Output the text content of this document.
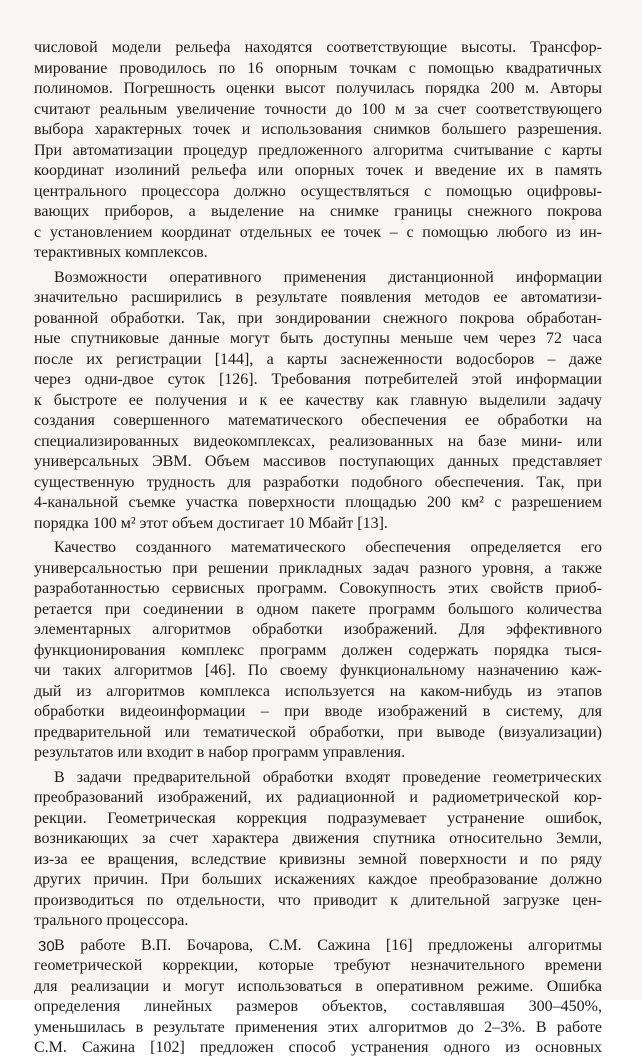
числовой модели рельефа находятся соответствующие высоты. Трансфор-
мирование проводилось по 16 опорным точкам с помощью квадратичных
полиномов. Погрешность оценки высот получилась порядка 200 м. Авторы
считают реальным увеличение точности до 100 м за счет соответствующего
выбора характерных точек и использования снимков большего разрешения.
При автоматизации процедур предложенного алгоритма считывание с карты
координат изолиний рельефа или опорных точек и введение их в память
центрального процессора должно осуществляться с помощью оцифровы-
вающих приборов, а выделение на снимке границы снежного покрова
с установлением координат отдельных ее точек – с помощью любого из ин-
терактивных комплексов.
Возможности оперативного применения дистанционной информации
значительно расширились в результате появления методов ее автоматизи-
рованной обработки. Так, при зондировании снежного покрова обработан-
ные спутниковые данные могут быть доступны меньше чем через 72 часа
после их регистрации [144], а карты заснеженности водосборов – даже
через одни-двое суток [126]. Требования потребителей этой информации
к быстроте ее получения и к ее качеству как главную выделили задачу
создания совершенного математического обеспечения ее обработки на
специализированных видеокомплексах, реализованных на базе мини- или
универсальных ЭВМ. Объем массивов поступающих данных представляет
существенную трудность для разработки подобного обеспечения. Так, при
4-канальной съемке участка поверхности площадью 200 км² с разрешением
порядка 100 м² этот объем достигает 10 Мбайт [13].
Качество созданного математического обеспечения определяется его
универсальностью при решении прикладных задач разного уровня, а также
разработанностью сервисных программ. Совокупность этих свойств приоб-
ретается при соединении в одном пакете программ большого количества
элементарных алгоритмов обработки изображений. Для эффективного
функционирования комплекс программ должен содержать порядка тыся-
чи таких алгоритмов [46]. По своему функциональному назначению каж-
дый из алгоритмов комплекса используется на каком-нибудь из этапов
обработки видеоинформации – при вводе изображений в систему, для
предварительной или тематической обработки, при выводе (визуализации)
результатов или входит в набор программ управления.
В задачи предварительной обработки входят проведение геометрических
преобразований изображений, их радиационной и радиометрической кор-
рекции. Геометрическая коррекция подразумевает устранение ошибок,
возникающих за счет характера движения спутника относительно Земли,
из-за ее вращения, вследствие кривизны земной поверхности и по ряду
других причин. При больших искажениях каждое преобразование должно
производиться по отдельности, что приводит к длительной загрузке цен-
трального процессора.
В работе В.П. Бочарова, С.М. Сажина [16] предложены алгоритмы
геометрической коррекции, которые требуют незначительного времени
для реализации и могут использоваться в оперативном режиме. Ошибка
определения линейных размеров объектов, составлявшая 300–450%,
уменьшилась в результате применения этих алгоритмов до 2–3%. В работе
С.М. Сажина [102] предложен способ устранения одного из основных
30
